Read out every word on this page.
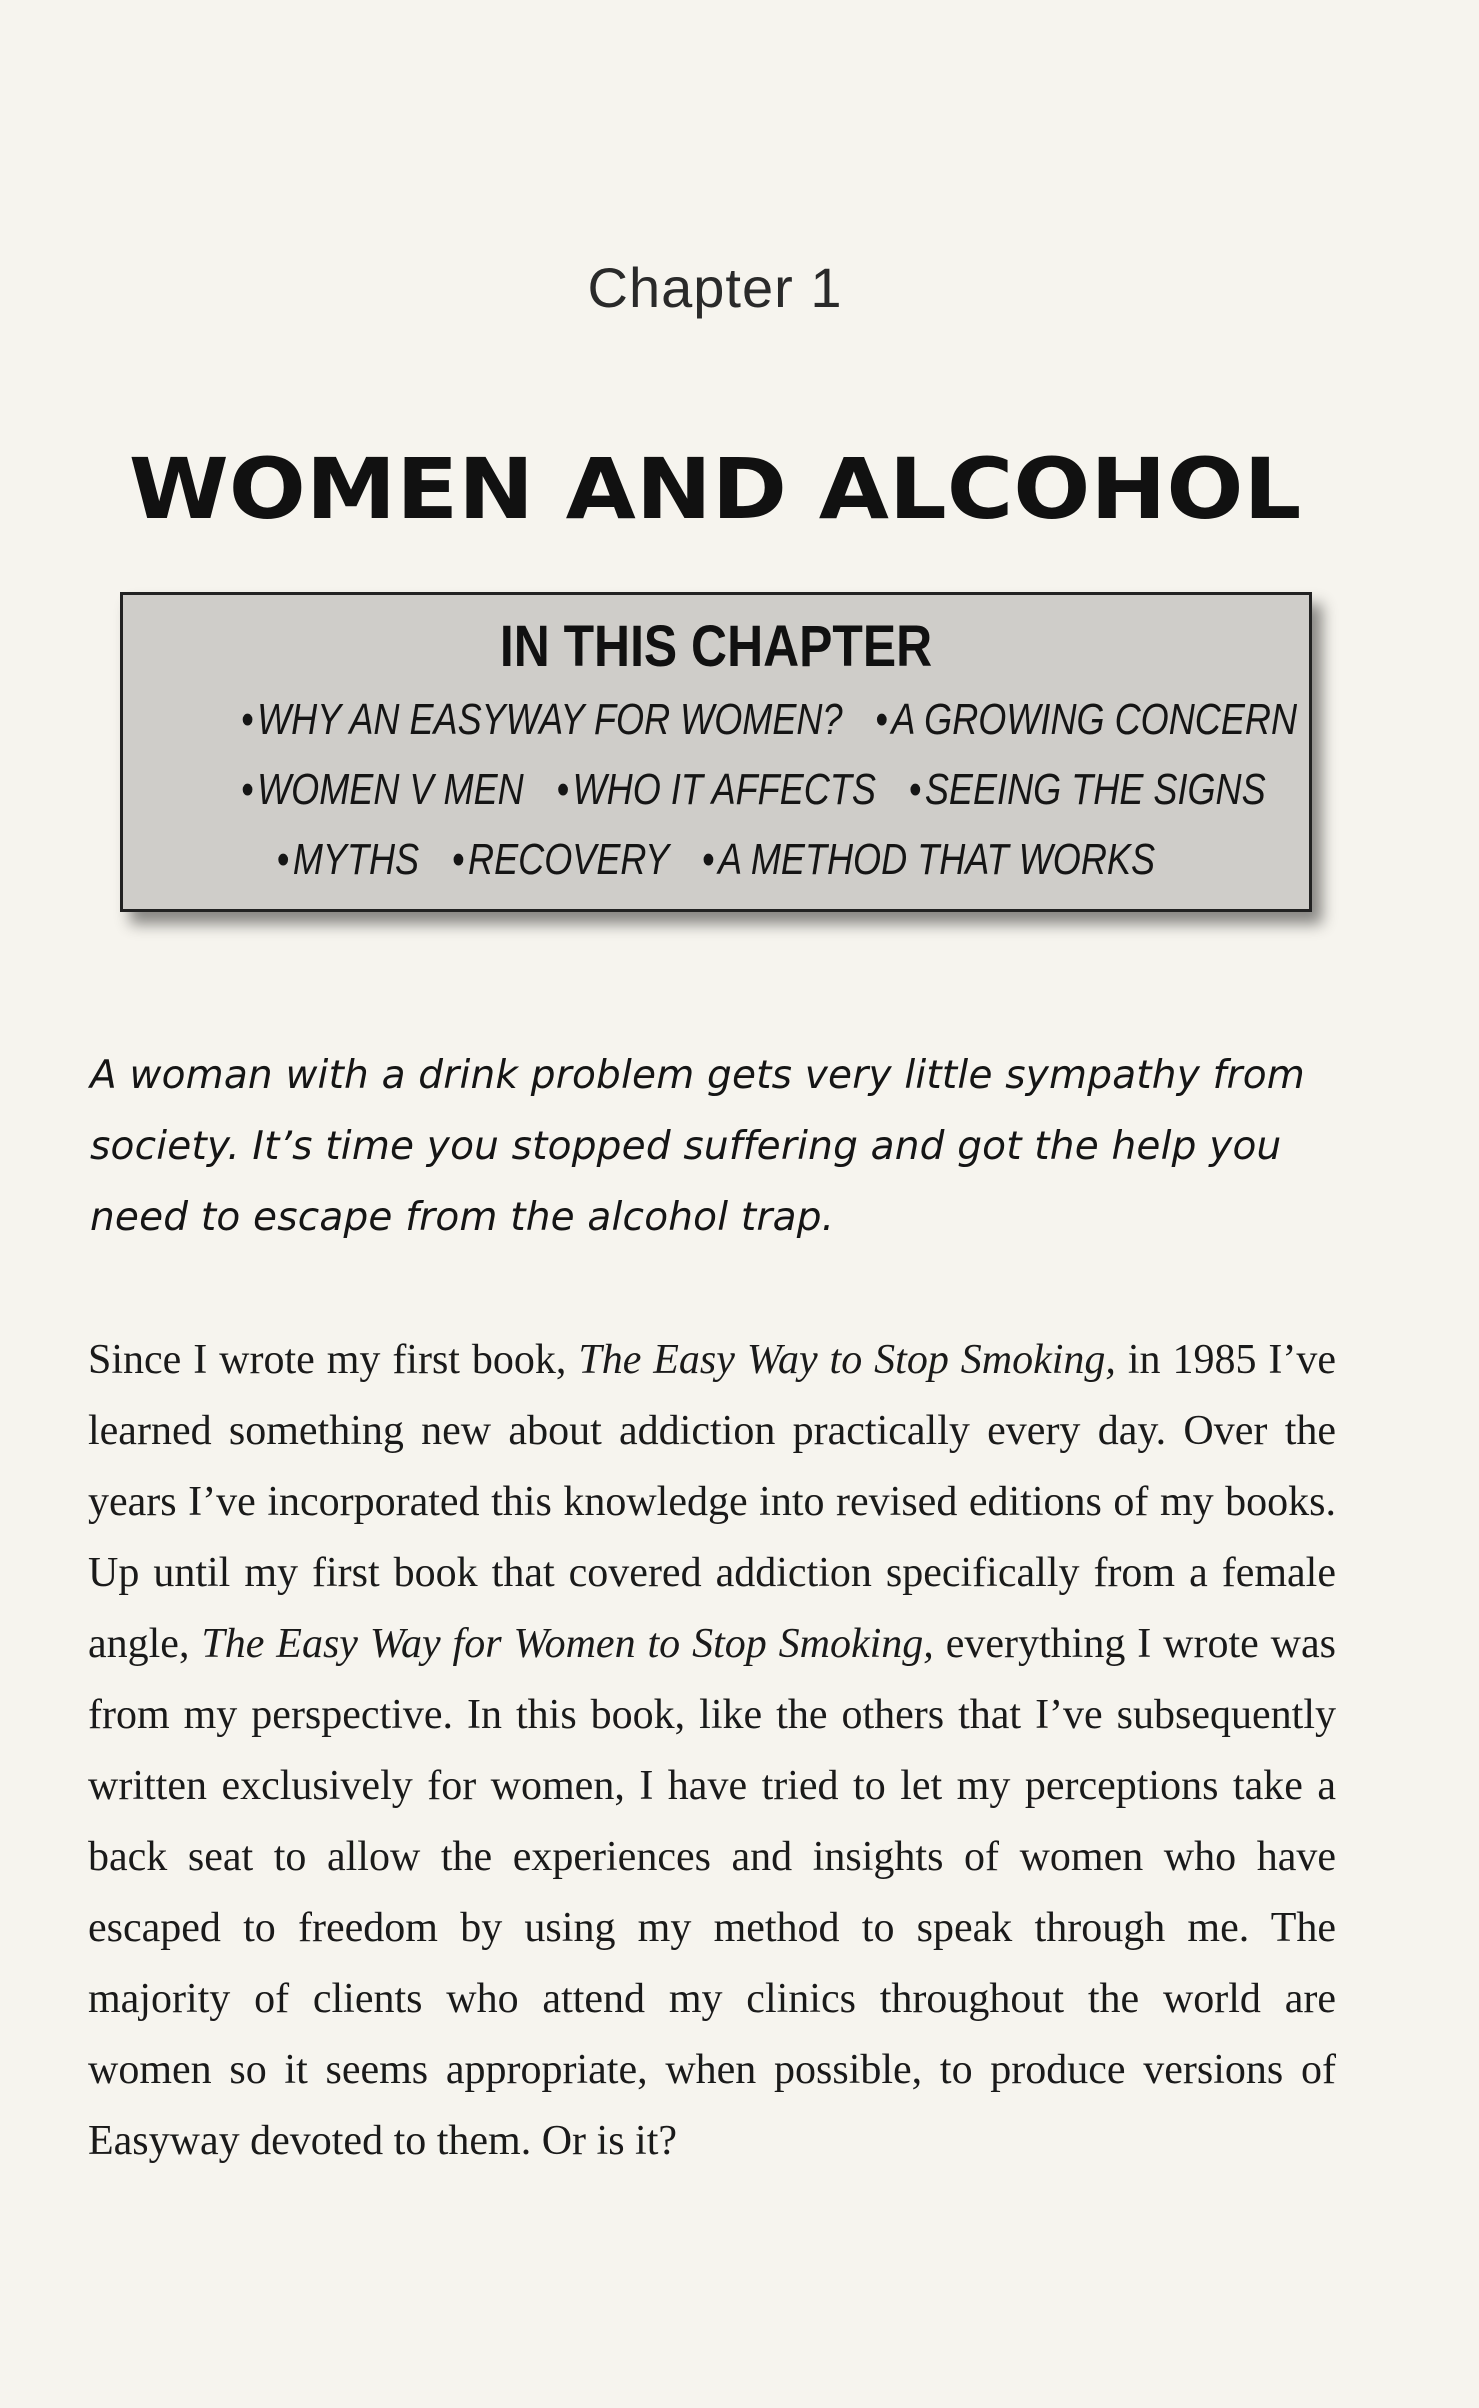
Chapter 1
WOMEN AND ALCOHOL
IN THIS CHAPTER
•WHY AN EASYWAY FOR WOMEN? •A GROWING CONCERN
•WOMEN V MEN •WHO IT AFFECTS •SEEING THE SIGNS
•MYTHS •RECOVERY •A METHOD THAT WORKS
A woman with a drink problem gets very little sympathy from society. It’s time you stopped suffering and got the help you need to escape from the alcohol trap.
Since I wrote my first book, The Easy Way to Stop Smoking, in 1985 I’ve learned something new about addiction practically every day. Over the years I’ve incorporated this knowledge into revised editions of my books. Up until my first book that covered addiction specifically from a female angle, The Easy Way for Women to Stop Smoking, everything I wrote was from my perspective. In this book, like the others that I’ve subsequently written exclusively for women, I have tried to let my perceptions take a back seat to allow the experiences and insights of women who have escaped to freedom by using my method to speak through me. The majority of clients who attend my clinics throughout the world are women so it seems appropriate, when possible, to produce versions of Easyway devoted to them. Or is it?
